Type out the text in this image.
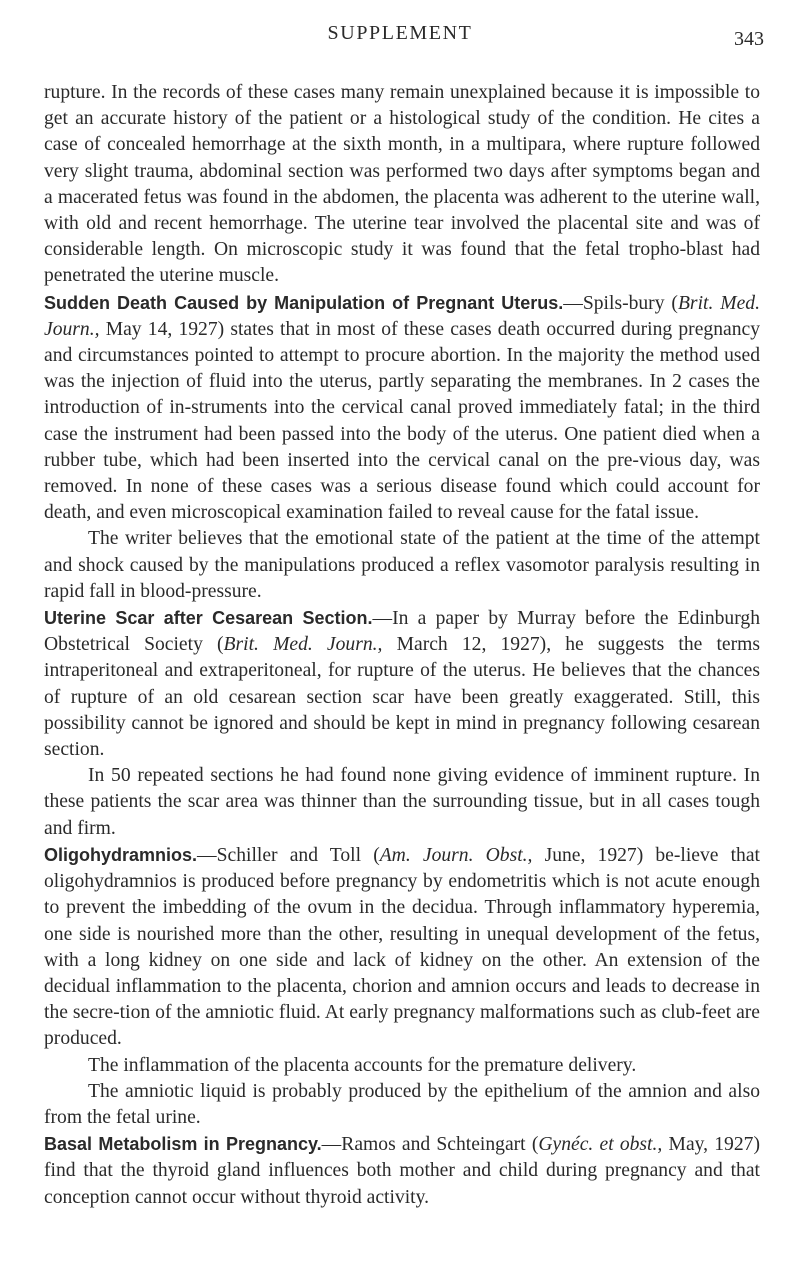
SUPPLEMENT	343

rupture. In the records of these cases many remain unexplained because it is impossible to get an accurate history of the patient or a histological study of the condition. He cites a case of concealed hemorrhage at the sixth month, in a multipara, where rupture followed very slight trauma, abdominal section was performed two days after symptoms began and a macerated fetus was found in the abdomen, the placenta was adherent to the uterine wall, with old and recent hemorrhage. The uterine tear involved the placental site and was of considerable length. On microscopic study it was found that the fetal tropho-blast had penetrated the uterine muscle.

Sudden Death Caused by Manipulation of Pregnant Uterus.—Spils-bury (Brit. Med. Journ., May 14, 1927) states that in most of these cases death occurred during pregnancy and circumstances pointed to attempt to procure abortion. In the majority the method used was the injection of fluid into the uterus, partly separating the membranes. In 2 cases the introduction of in-struments into the cervical canal proved immediately fatal; in the third case the instrument had been passed into the body of the uterus. One patient died when a rubber tube, which had been inserted into the cervical canal on the pre-vious day, was removed. In none of these cases was a serious disease found which could account for death, and even microscopical examination failed to reveal cause for the fatal issue.

The writer believes that the emotional state of the patient at the time of the attempt and shock caused by the manipulations produced a reflex vasomotor paralysis resulting in rapid fall in blood-pressure.

Uterine Scar after Cesarean Section.—In a paper by Murray before the Edinburgh Obstetrical Society (Brit. Med. Journ., March 12, 1927), he suggests the terms intraperitoneal and extraperitoneal, for rupture of the uterus. He believes that the chances of rupture of an old cesarean section scar have been greatly exaggerated. Still, this possibility cannot be ignored and should be kept in mind in pregnancy following cesarean section.

In 50 repeated sections he had found none giving evidence of imminent rupture. In these patients the scar area was thinner than the surrounding tissue, but in all cases tough and firm.

Oligohydramnios.—Schiller and Toll (Am. Journ. Obst., June, 1927) be-lieve that oligohydramnios is produced before pregnancy by endometritis which is not acute enough to prevent the imbedding of the ovum in the decidua. Through inflammatory hyperemia, one side is nourished more than the other, resulting in unequal development of the fetus, with a long kidney on one side and lack of kidney on the other. An extension of the decidual inflammation to the placenta, chorion and amnion occurs and leads to decrease in the secre-tion of the amniotic fluid. At early pregnancy malformations such as club-feet are produced.

The inflammation of the placenta accounts for the premature delivery.

The amniotic liquid is probably produced by the epithelium of the amnion and also from the fetal urine.

Basal Metabolism in Pregnancy.—Ramos and Schteingart (Gynéc. et obst., May, 1927) find that the thyroid gland influences both mother and child during pregnancy and that conception cannot occur without thyroid activity.
